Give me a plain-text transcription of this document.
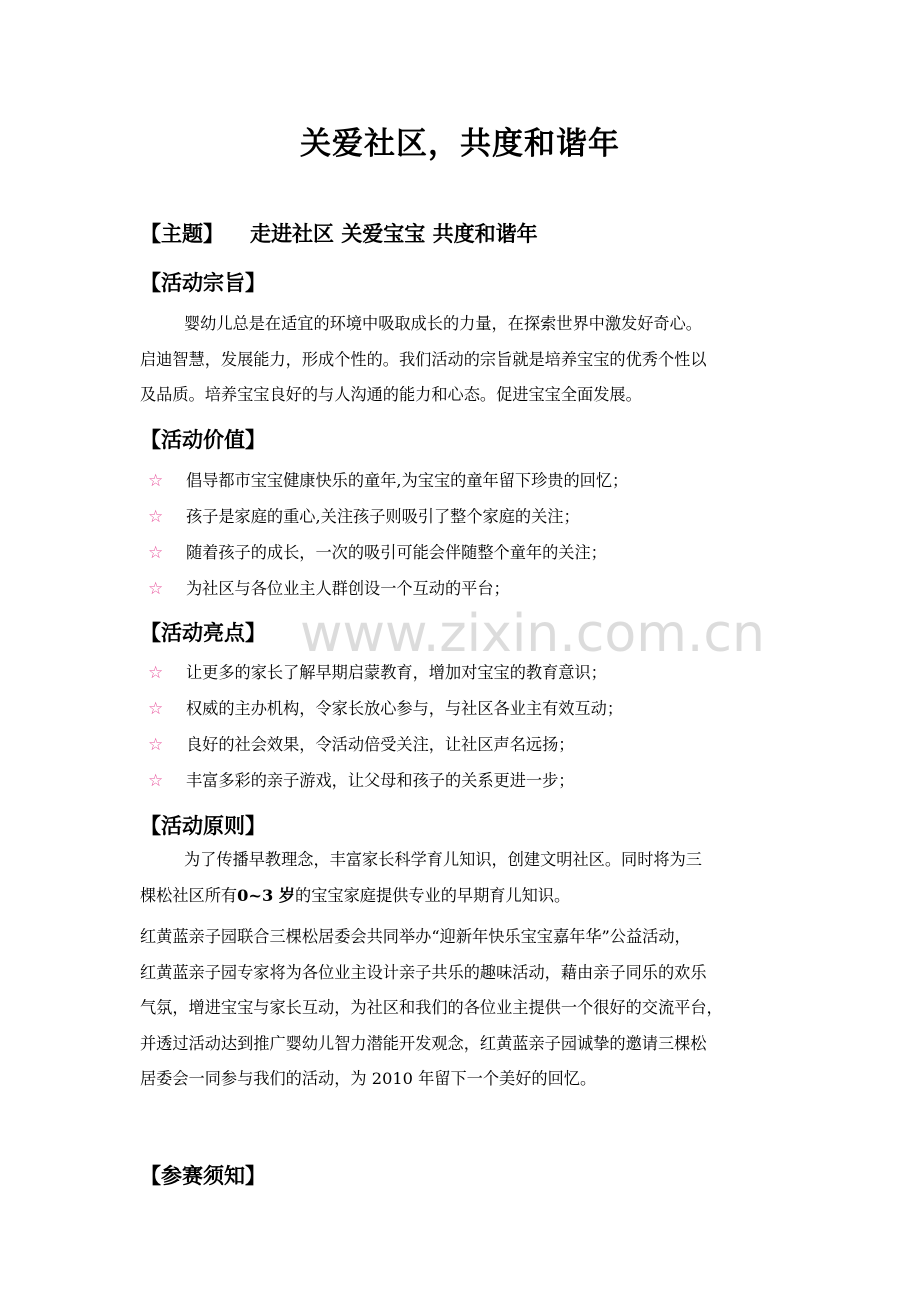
www.zixin.com.cn
关爱社区，共度和谐年
【主题】 走进社区 关爱宝宝 共度和谐年
【活动宗旨】
婴幼儿总是在适宜的环境中吸取成长的力量，在探索世界中激发好奇心。
启迪智慧，发展能力，形成个性的。我们活动的宗旨就是培养宝宝的优秀个性以
及品质。培养宝宝良好的与人沟通的能力和心态。促进宝宝全面发展。
【活动价值】
☆ 倡导都市宝宝健康快乐的童年,为宝宝的童年留下珍贵的回忆；
☆ 孩子是家庭的重心,关注孩子则吸引了整个家庭的关注；
☆ 随着孩子的成长，一次的吸引可能会伴随整个童年的关注；
☆ 为社区与各位业主人群创设一个互动的平台；
【活动亮点】
☆ 让更多的家长了解早期启蒙教育，增加对宝宝的教育意识；
☆ 权威的主办机构，令家长放心参与，与社区各业主有效互动；
☆ 良好的社会效果，令活动倍受关注，让社区声名远扬；
☆ 丰富多彩的亲子游戏，让父母和孩子的关系更进一步；
【活动原则】
为了传播早教理念，丰富家长科学育儿知识，创建文明社区。同时将为三
棵松社区所有0~3 岁的宝宝家庭提供专业的早期育儿知识。
红黄蓝亲子园联合三棵松居委会共同举办“迎新年快乐宝宝嘉年华”公益活动，
红黄蓝亲子园专家将为各位业主设计亲子共乐的趣味活动，藉由亲子同乐的欢乐
气氛，增进宝宝与家长互动，为社区和我们的各位业主提供一个很好的交流平台，
并透过活动达到推广婴幼儿智力潜能开发观念，红黄蓝亲子园诚挚的邀请三棵松
居委会一同参与我们的活动，为 2010 年留下一个美好的回忆。
【参赛须知】
